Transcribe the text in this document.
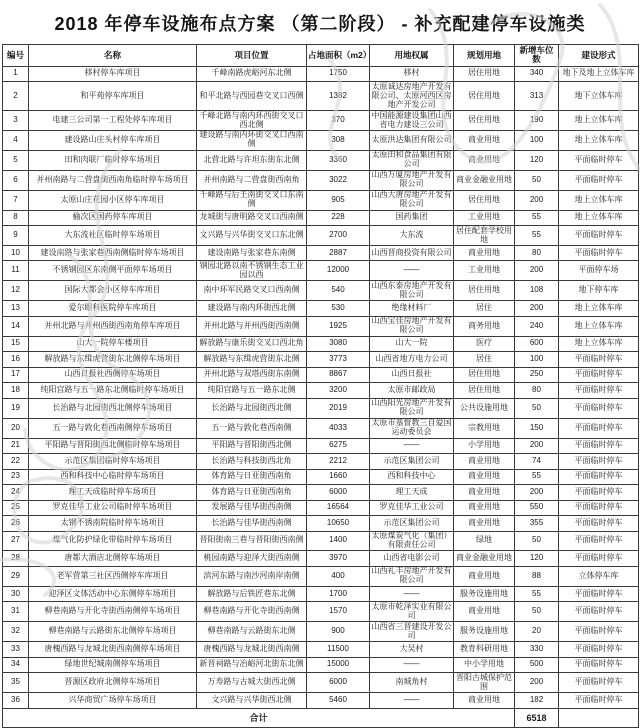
2018 年停车设施布点方案 （第二阶段） - 补充配建停车设施类
编号	名称	项目位置	占地面积（m2）	用地权属	规划用地	新增车位数	建设形式
1	移村停车库项目	千峰南路虎峪河东北侧	1750	移村	居住用地	340	地下及地上立体车库
2	和平苑停车库项目	和平北路与西园巷交叉口西侧	1382	太原诚达房地产开发有限公司、太原河西区房地产开发公司	居住用地	313	地下立体车库
3	电建三公司第一工程处停车库项目	千峰北路与南内环西街交叉口西北侧	370	中国能源建设集团山西省电力建设三公司	居住用地	190	地上立体车库
4	建设路山庄头村停车库项目	建设路与南内环街交叉口西南侧	308	太原洪达集团有限公司	商业用地	100	地上立体车库
5	田和肉联厂临时停车场项目	北营北路与许坦东街东北侧	3360	太原田和食品集团有限公司	商业用地	120	平面临时停车
6	并州南路与二营盘街西南角临时停车场项目	并州南路与二营盘街西南角	3022	山西万厦房地产开发有限公司	商业金融业用地	50	平面临时停车
7	太原山庄花园小区停车库项目	千峰路与后王南街交叉口东南侧	905	山西大唐房地产开发有限公司	居住用地	200	地上立体车库
8	榆次区国药停车库项目	龙城街与唐明路交叉口西南侧	228	国药集团	工业用地	55	地上立体车库
9	大东流社区临时停车场项目	文兴路与兴华街交叉口东北侧	2700	大东流	居住配套学校用地	55	平面临时停车
10	建设南路与张家巷西南侧临时停车场项目	建设南路与张家巷东南侧	2887	山西晋商投资有限公司	商业用地	80	平面临时停车
11	不锈钢园区东南侧平面停车场项目	钢园北路以南不锈钢生态工业园以西	12000	——	工业用地	200	平面停车场
12	国际大都会小区停车库项目	南中环军民路交叉口西南侧	540	山西东泰房地产开发有限公司	居住用地	108	地下停车库
13	爱尔眼科医院停车库项目	建设路与南内环街西北侧	530	绝缘材料厂	居住	200	地上立体车库
14	并州北路与并州西街西南角停车库项目	并州北路与并州西街西南侧	1925	山西宝佳房地产开发有限公司	商务用地	240	地上立体车库
15	山大一院停车楼项目	解放路与康乐街交叉口西北角	3080	山大一院	医疗	600	地上立体车库
16	解放路与东缉虎营街东北侧停车场项目	解放路与东缉虎营街东北侧	3773	山西省地方电力公司	居住	100	平面临时停车
17	山西日报社西侧停车场项目	并州北路与双塔西街东南侧	8867	山西日报社	居住用地	250	平面临时停车
18	纯阳宫路与五一路东北侧临时停车场项目	纯阳宫路与五一路东北侧	3200	太原市邮政局	居住用地	80	平面临时停车
19	长治路与北园街西北侧停车场项目	长治路与北园街西北侧	2019	山西阳光房地产开发有限公司	公共设施用地	50	平面临时停车
20	五一路与敦化巷西南侧停车场项目	五一路与敦化巷西南侧	4033	太原市基督教三自爱国运动委员会	宗教用地	150	平面临时停车
21	平阳路与晋阳街西北侧临时停车场项目	平阳路与晋阳街西北侧	6275	——	小学用地	200	平面临时停车
22	示范区集团临时停车场项目	长治路与科技街西北角	2212	示范区集团公司	商业用地	74	平面临时停车
23	西和科技中心临时停车场项目	体育路与日亚街西南角	1660	西和科技中心	商业用地	55	平面临时停车
24	理工天成临时停车场项目	体育路与日亚街西南角	6000	理工天成	商业用地	200	平面临时停车
25	罗克佳华工业公司临时停车场项目	发展路与佳华街西南侧	16564	罗克佳华工业公司	商业用地	550	平面临时停车
26	太钢不锈南院临时停车场项目	长治路与佳华街西南侧	10650	示范区集团公司	商业用地	355	平面临时停车
27	煤气化防护绿化带临时停车场项目	晋阳街南三巷与晋阳街西南侧	1400	太原煤炭气化（集团）有限责任公司	绿地	50	平面临时停车
28	唐都大酒店北侧停车场项目	桃园南路与迎泽大街西南侧	3970	山西省电影公司	商业金融业用地	120	平面临时停车
29	老军营第三社区西侧停车库项目	滨河东路与南沙河南岸南侧	400	山西礼丰房地产开发有限公司	商业用地	88	立体停车库
30	迎泽区文体活动中心东侧停车场项目	解放路与后铁匠巷东北侧	1700	——	服务设施用地	55	平面临时停车
31	柳巷南路与开化寺街西南侧停车场项目	柳巷南路与开化寺街西南侧	1570	太原市乾泽实业有限公司	商业用地	50	平面临时停车
32	柳巷南路与云路街东北侧停车场项目	柳巷南路与云路街东北侧	900	山西省三晋建设开发公司	服务设施用地	20	平面临时停车
33	唐槐西路与龙城北街西南侧停车场项目	唐槐西路与龙城北街西南侧	11500	大吴村	教育科研用地	330	平面临时停车
34	绿地世纪城南侧停车场项目	新晋祠路与冶峪河北街东北侧	15000	——	中小学用地	500	平面临时停车
35	晋源区政府北侧停车场项目	万寿路与古城大街西北侧	6000	南城角村	晋阳古城保护范围	200	平面临时停车
36	兴华商贸广场停车场项目	文兴路与兴华街西北侧	5460	——	商业用地	182	平面临时停车
合计						6518	
